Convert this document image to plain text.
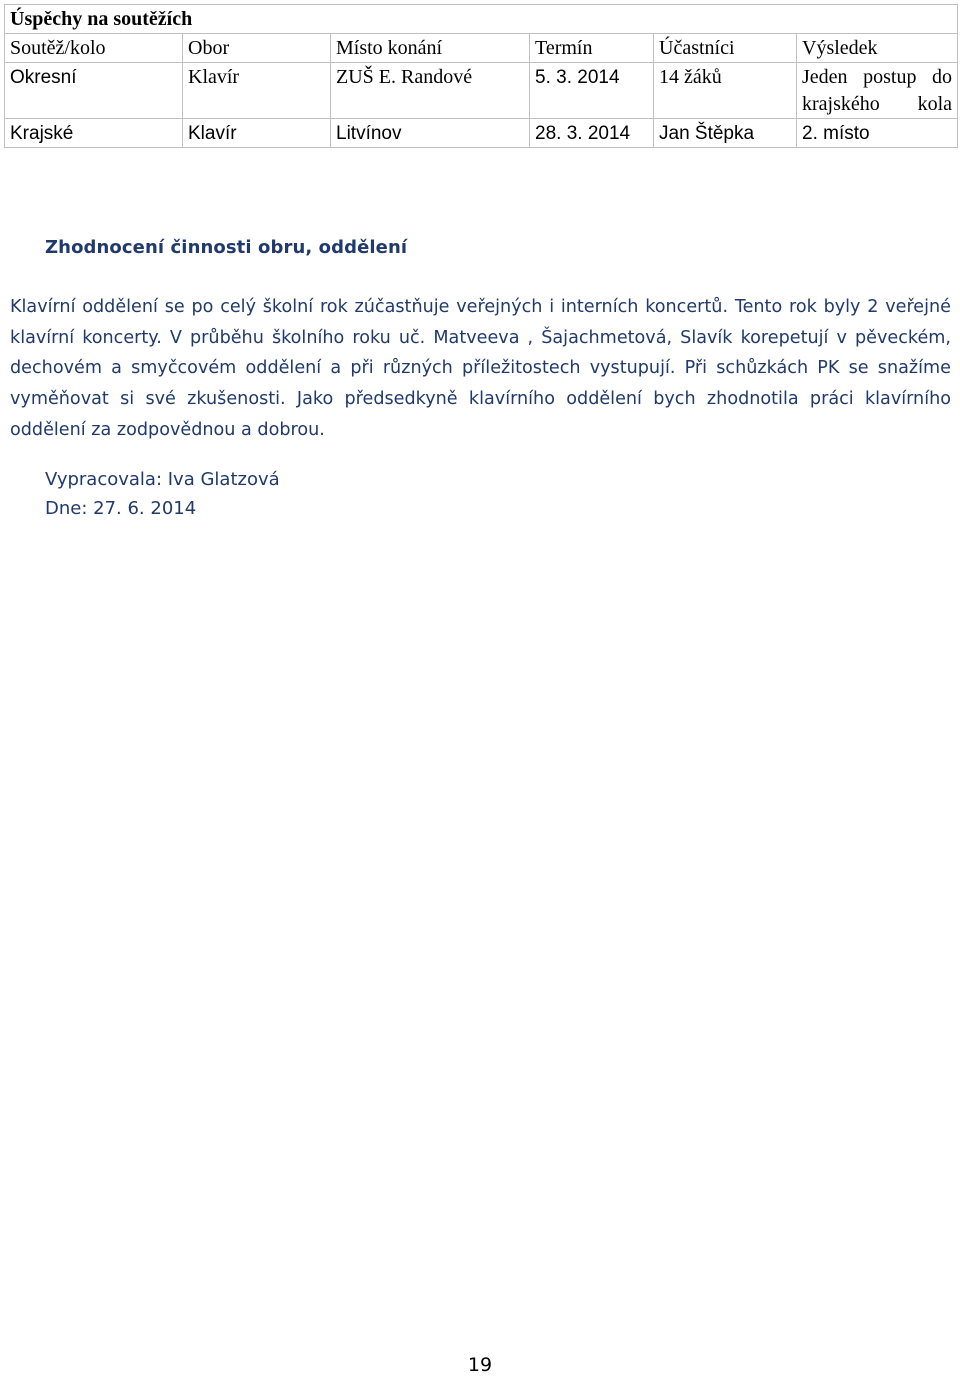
Úspěchy na soutěžích					
Soutěž/kolo	Obor	Místo konání	Termín	Účastníci	Výsledek
Okresní	Klavír	ZUŠ E. Randové	5. 3. 2014	14 žáků	Jeden postup do krajského kola
Krajské	Klavír	Litvínov	28. 3. 2014	Jan Štěpka	2. místo
Zhodnocení činnosti obru, oddělení

Klavírní oddělení se po celý školní rok zúčastňuje veřejných i interních koncertů. Tento rok byly 2 veřejné klavírní koncerty. V průběhu školního roku uč. Matveeva , Šajachmetová, Slavík korepetují v pěveckém, dechovém a smyčcovém oddělení a při různých příležitostech vystupují. Při schůzkách PK se snažíme vyměňovat si své zkušenosti. Jako předsedkyně klavírního oddělení bych zhodnotila práci klavírního oddělení za zodpovědnou a dobrou.

Vypracovala: Iva Glatzová
Dne: 27. 6. 2014
19
